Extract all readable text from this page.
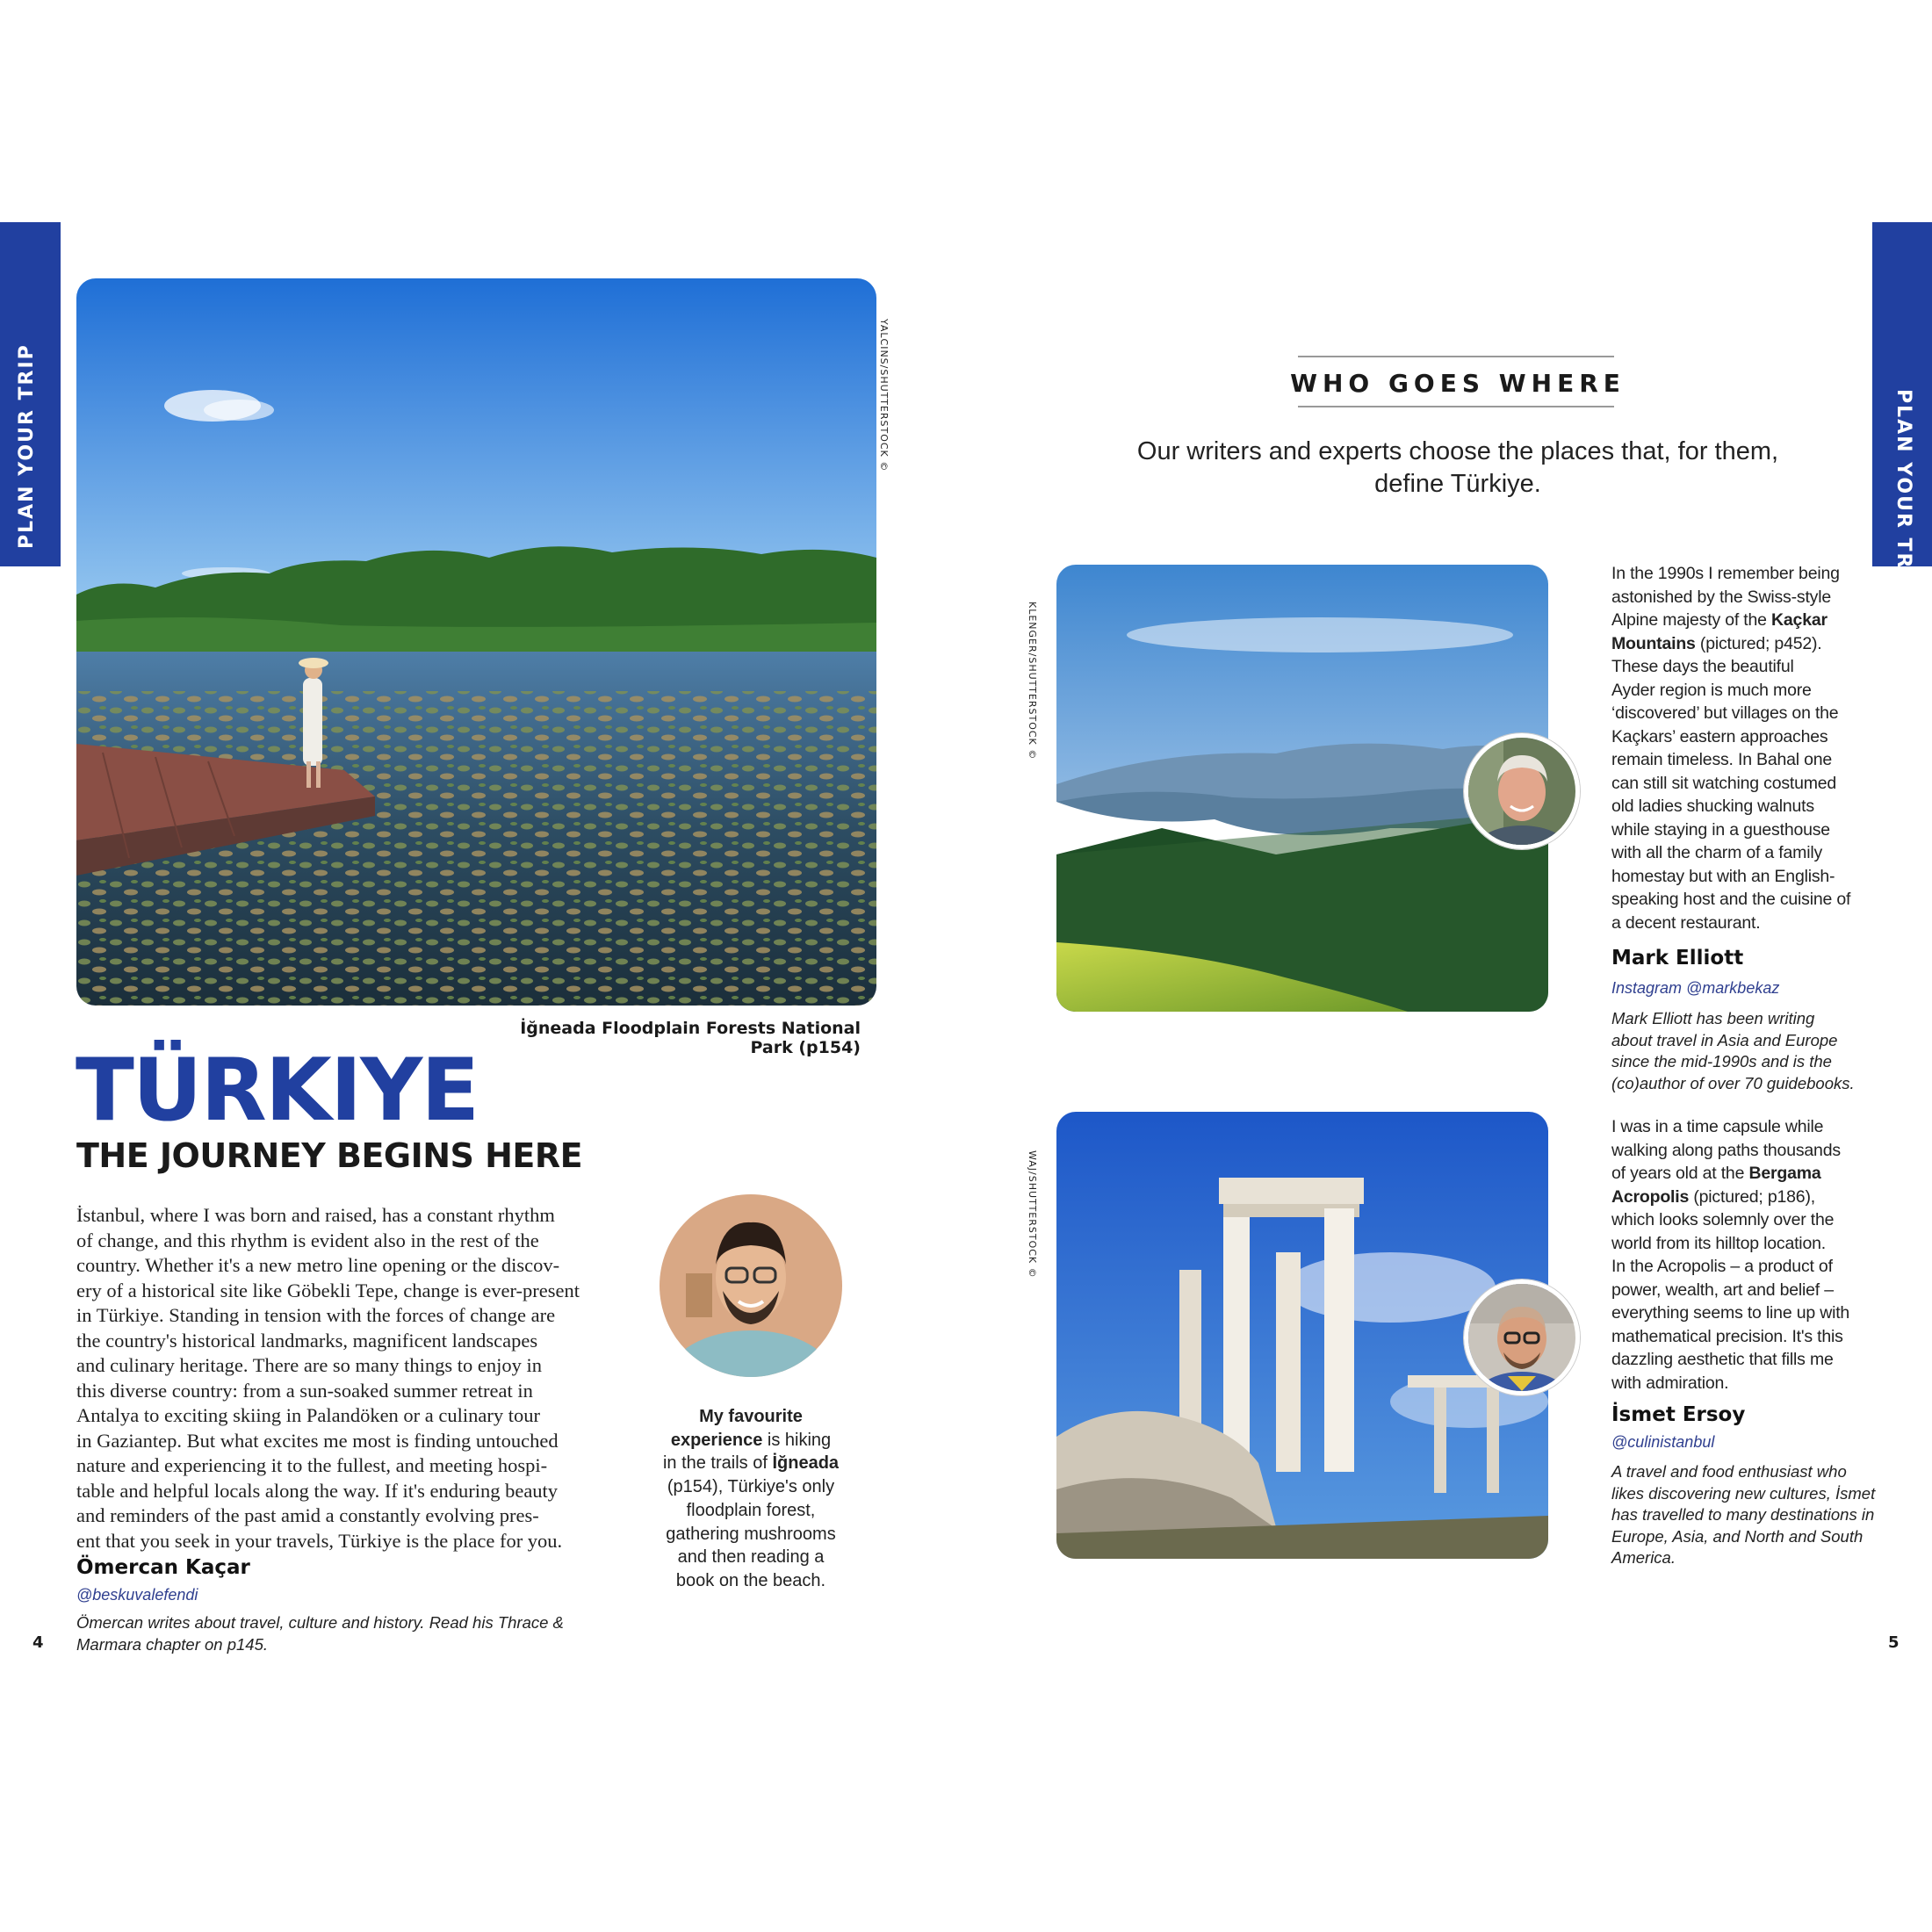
PLAN YOUR TRIP	YALCINS/SHUTTERSTOCK ©
İğneada Floodplain Forests National Park (p154)
TÜRKIYE
THE JOURNEY BEGINS HERE
İstanbul, where I was born and raised, has a constant rhythm
of change, and this rhythm is evident also in the rest of the
country. Whether it's a new metro line opening or the discov-
ery of a historical site like Göbekli Tepe, change is ever-present
in Türkiye. Standing in tension with the forces of change are
the country's historical landmarks, magnificent landscapes
and culinary heritage. There are so many things to enjoy in
this diverse country: from a sun-soaked summer retreat in
Antalya to exciting skiing in Palandöken or a culinary tour
in Gaziantep. But what excites me most is finding untouched
nature and experiencing it to the fullest, and meeting hospi-
table and helpful locals along the way. If it's enduring beauty
and reminders of the past amid a constantly evolving pres-
ent that you seek in your travels, Türkiye is the place for you.
Ömercan Kaçar
@beskuvalefendi
Ömercan writes about travel, culture and history. Read his Thrace & Marmara chapter on p145.
My favourite
experience is hiking
in the trails of İğneada
(p154), Türkiye's only
floodplain forest,
gathering mushrooms
and then reading a
book on the beach.
4
PLAN YOUR TRIP
WHO GOES WHERE
Our writers and experts choose the places that, for them,
define Türkiye.
KLENGER/SHUTTERSTOCK ©
In the 1990s I remember being
astonished by the Swiss-style
Alpine majesty of the Kaçkar
Mountains (pictured; p452).
These days the beautiful
Ayder region is much more
‘discovered’ but villages on the
Kaçkars’ eastern approaches
remain timeless. In Bahal one
can still sit watching costumed
old ladies shucking walnuts
while staying in a guesthouse
with all the charm of a family
homestay but with an English-
speaking host and the cuisine of
a decent restaurant.
Mark Elliott
Instagram @markbekaz
Mark Elliott has been writing
about travel in Asia and Europe
since the mid-1990s and is the
(co)author of over 70 guidebooks.
WAJ/SHUTTERSTOCK ©
I was in a time capsule while
walking along paths thousands
of years old at the Bergama
Acropolis (pictured; p186),
which looks solemnly over the
world from its hilltop location.
In the Acropolis – a product of
power, wealth, art and belief –
everything seems to line up with
mathematical precision. It's this
dazzling aesthetic that fills me
with admiration.
İsmet Ersoy
@culinistanbul
A travel and food enthusiast who
likes discovering new cultures, İsmet
has travelled to many destinations in
Europe, Asia, and North and South
America.
5
